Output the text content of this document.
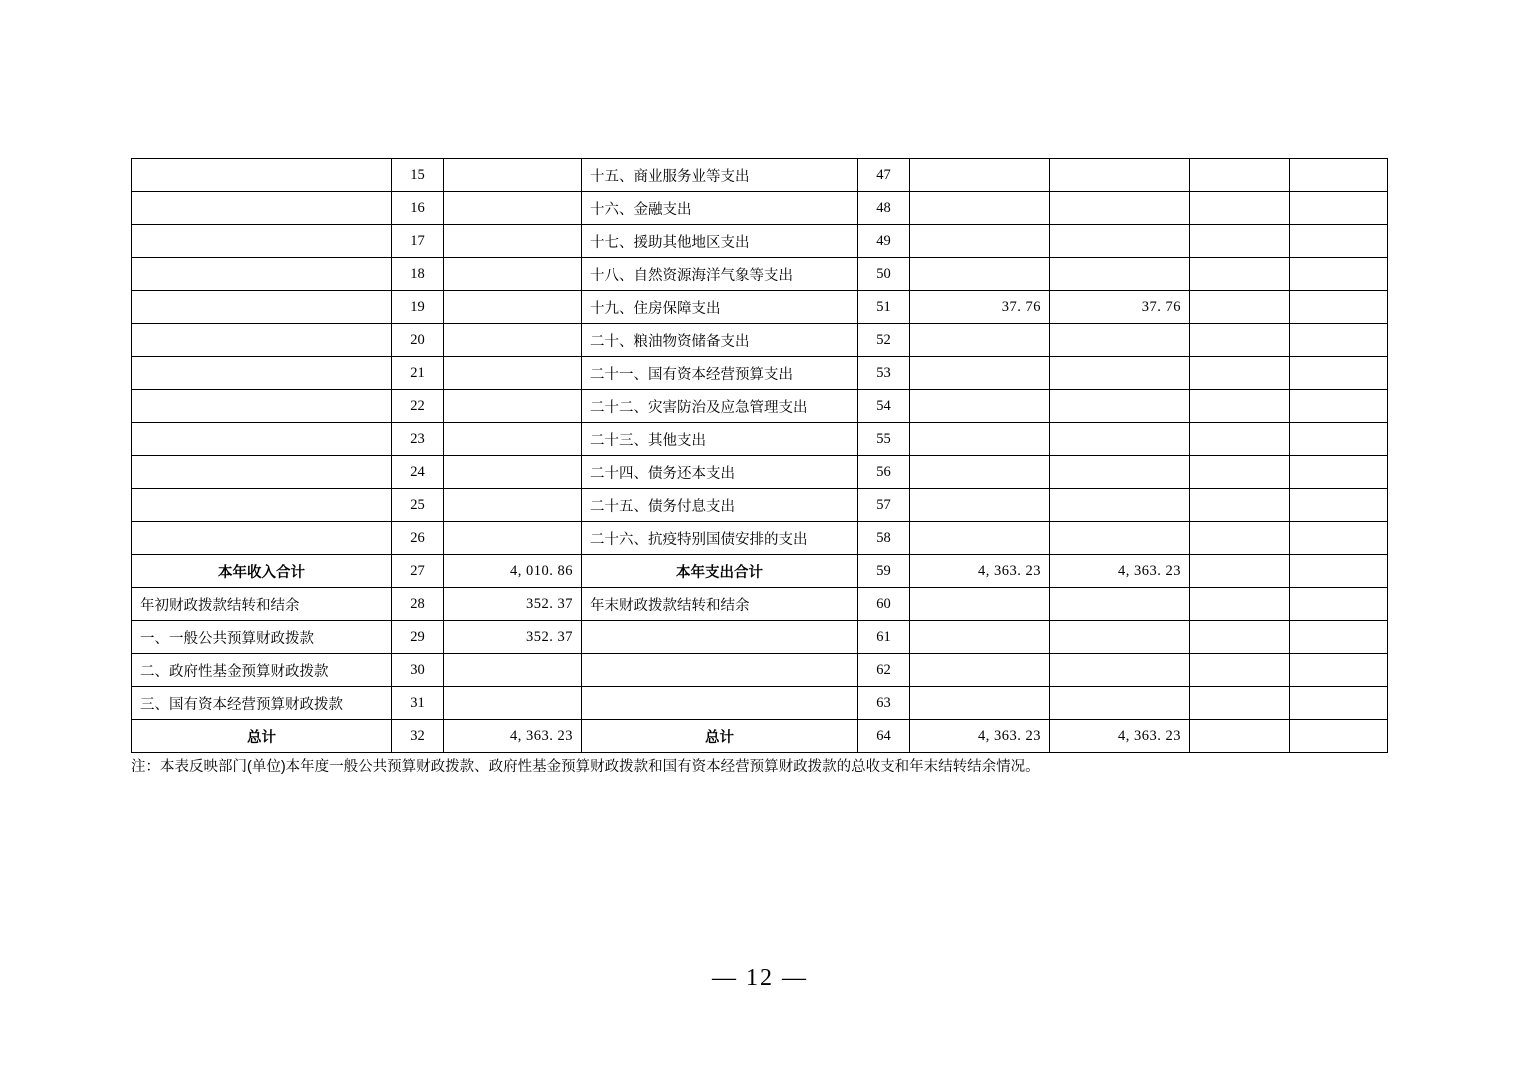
	15		十五、商业服务业等支出	47				
	16		十六、金融支出	48				
	17		十七、援助其他地区支出	49				
	18		十八、自然资源海洋气象等支出	50				
	19		十九、住房保障支出	51	37. 76	37. 76		
	20		二十、粮油物资储备支出	52				
	21		二十一、国有资本经营预算支出	53				
	22		二十二、灾害防治及应急管理支出	54				
	23		二十三、其他支出	55				
	24		二十四、债务还本支出	56				
	25		二十五、债务付息支出	57				
	26		二十六、抗疫特别国债安排的支出	58				
本年收入合计	27	4, 010. 86	本年支出合计	59	4, 363. 23	4, 363. 23		
年初财政拨款结转和结余	28	352. 37	年末财政拨款结转和结余	60				
一、一般公共预算财政拨款	29	352. 37		61				
二、政府性基金预算财政拨款	30			62				
三、国有资本经营预算财政拨款	31			63				
总计	32	4, 363. 23	总计	64	4, 363. 23	4, 363. 23		
注：本表反映部门(单位)本年度一般公共预算财政拨款、政府性基金预算财政拨款和国有资本经营预算财政拨款的总收支和年末结转结余情况。
— 12 —
